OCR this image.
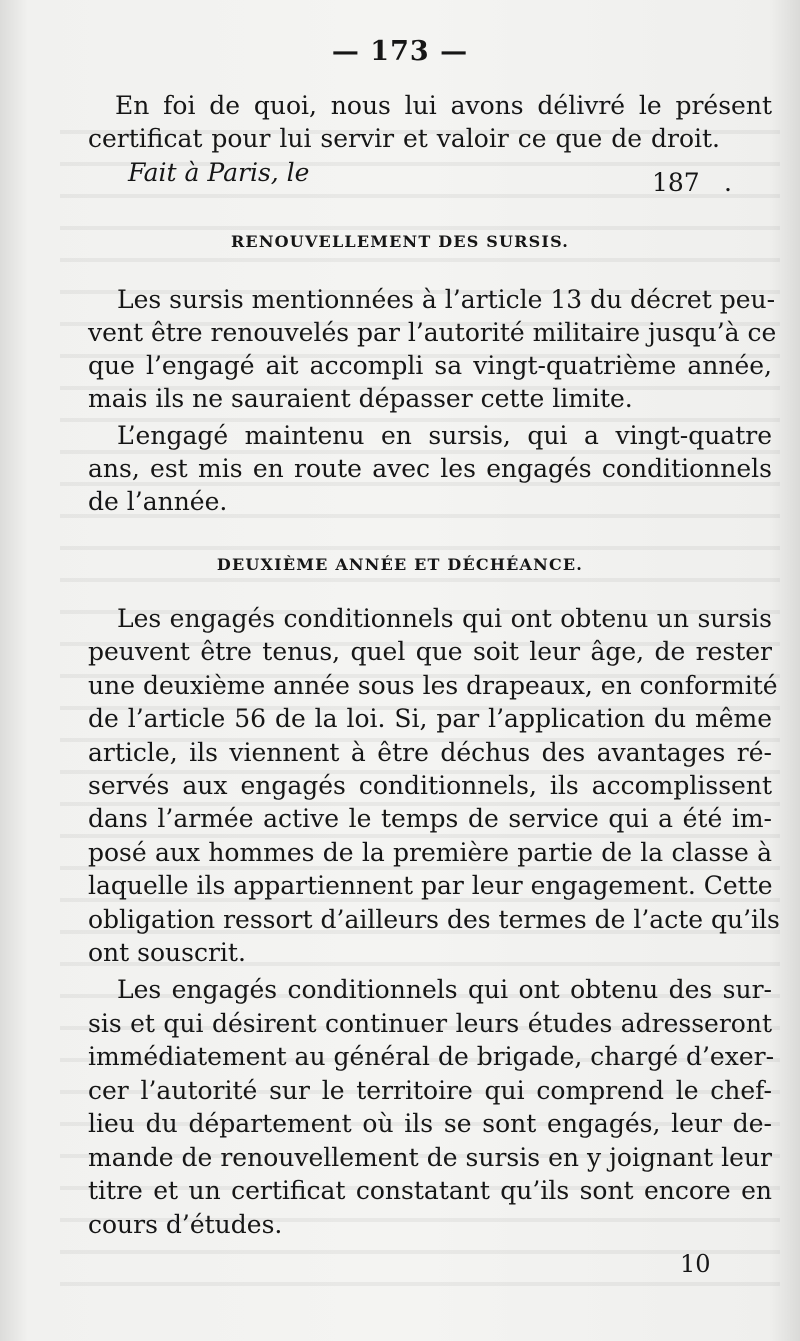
— 173 —
En foi de quoi, nous lui avons délivré le présent
certificat pour lui servir et valoir ce que de droit.
Fait à Paris, le	187 .
RENOUVELLEMENT DES SURSIS.
Les sursis mentionnées à l’article 13 du décret peu-
vent être renouvelés par l’autorité militaire jusqu’à ce
que l’engagé ait accompli sa vingt-quatrième année,
mais ils ne sauraient dépasser cette limite.
L’engagé maintenu en sursis, qui a vingt-quatre
ans, est mis en route avec les engagés conditionnels
de l’année.
DEUXIÈME ANNÉE ET DÉCHÉANCE.
Les engagés conditionnels qui ont obtenu un sursis
peuvent être tenus, quel que soit leur âge, de rester
une deuxième année sous les drapeaux, en conformité
de l’article 56 de la loi. Si, par l’application du même
article, ils viennent à être déchus des avantages ré-
servés aux engagés conditionnels, ils accomplissent
dans l’armée active le temps de service qui a été im-
posé aux hommes de la première partie de la classe à
laquelle ils appartiennent par leur engagement. Cette
obligation ressort d’ailleurs des termes de l’acte qu’ils
ont souscrit.
Les engagés conditionnels qui ont obtenu des sur-
sis et qui désirent continuer leurs études adresseront
immédiatement au général de brigade, chargé d’exer-
cer l’autorité sur le territoire qui comprend le chef-
lieu du département où ils se sont engagés, leur de-
mande de renouvellement de sursis en y joignant leur
titre et un certificat constatant qu’ils sont encore en
cours d’études.
10
